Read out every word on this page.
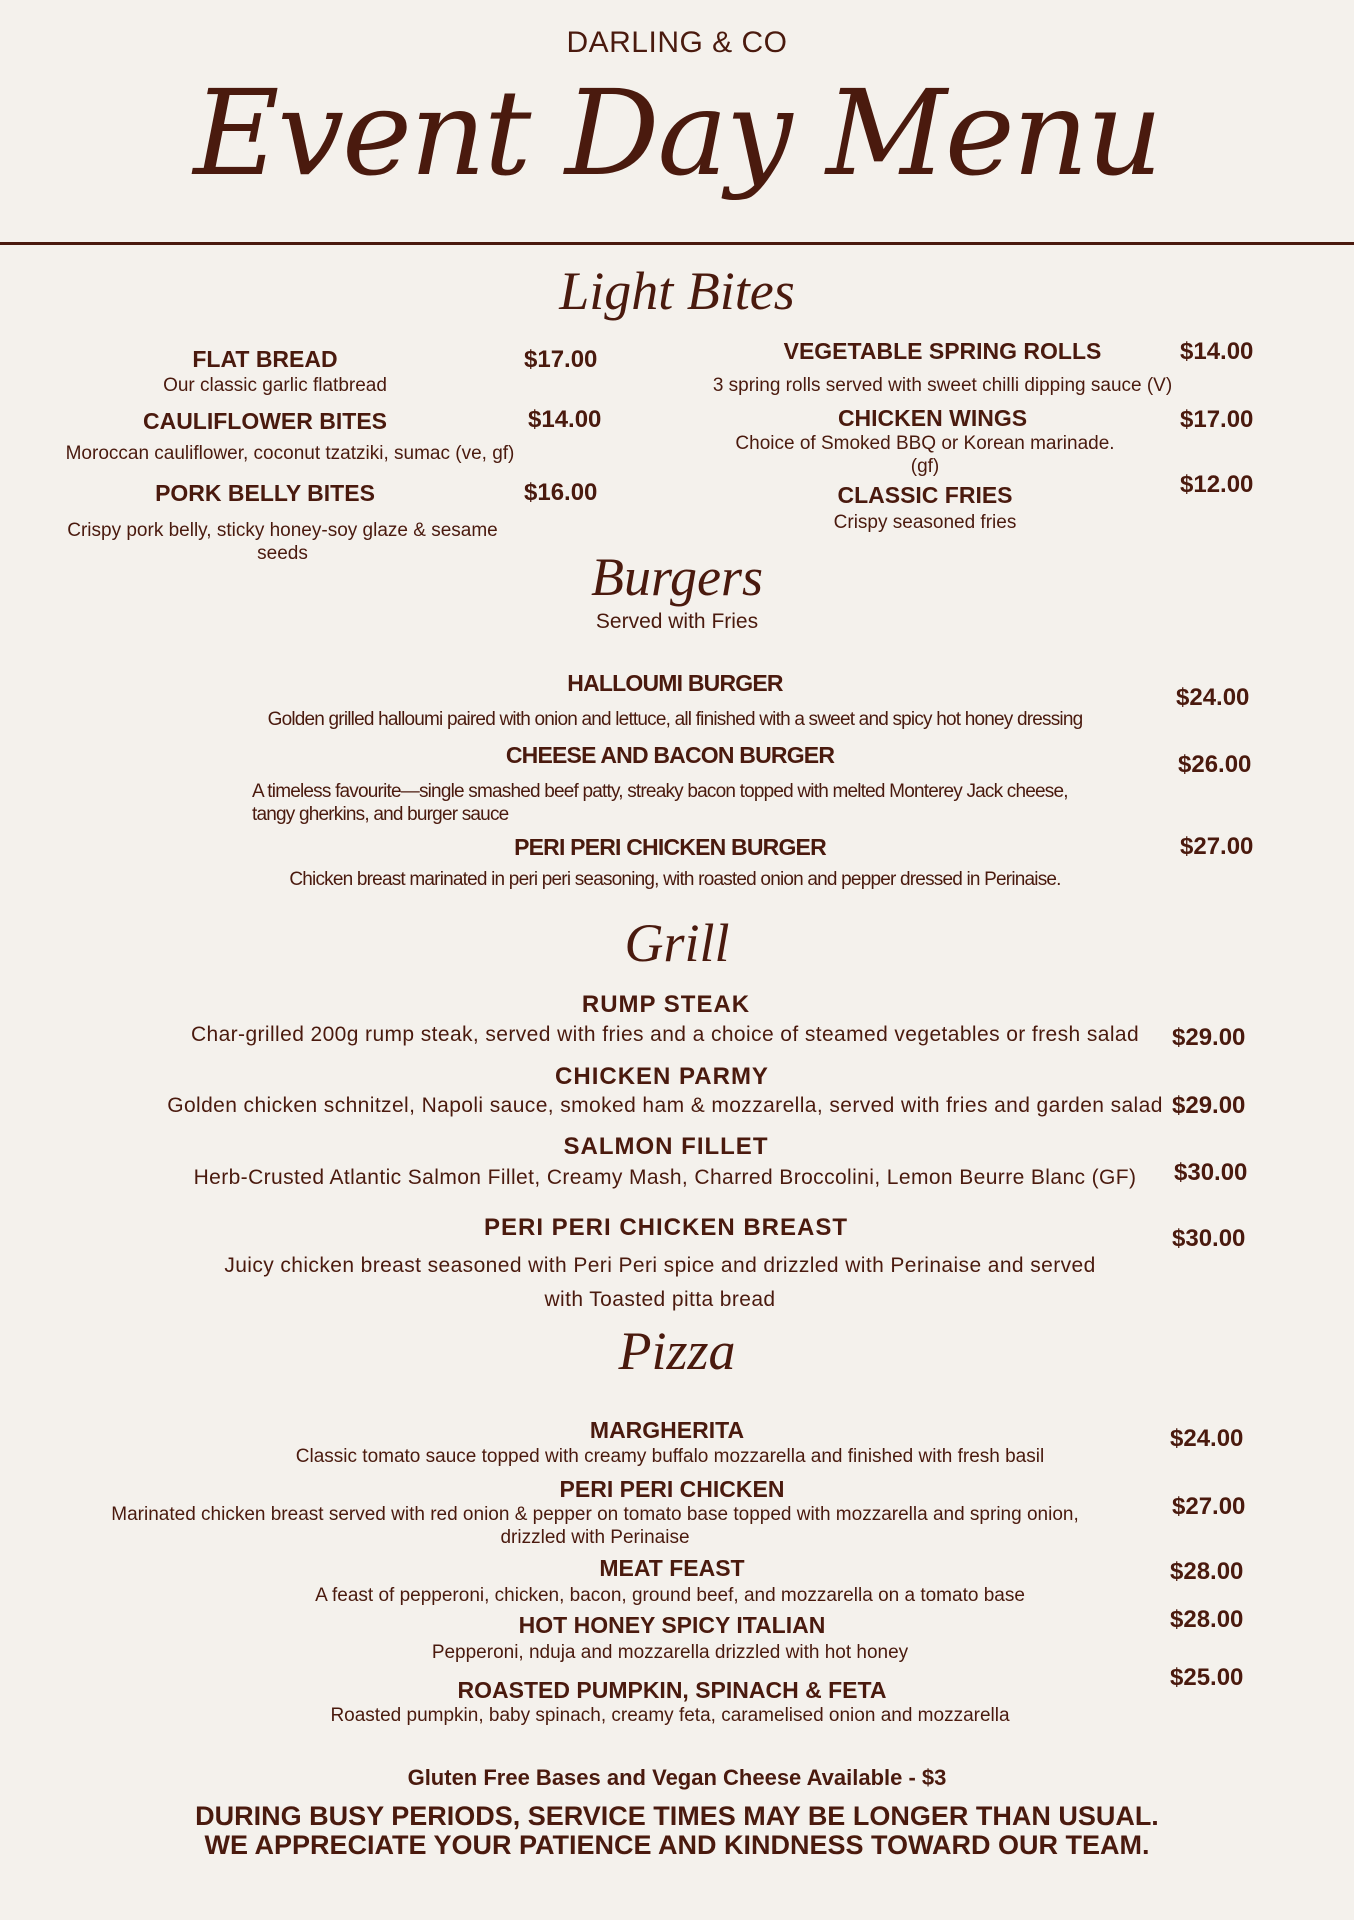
DARLING & CO
Event Day Menu
Light Bites
FLAT BREAD	$17.00
Our classic garlic flatbread
CAULIFLOWER BITES	$14.00
Moroccan cauliflower, coconut tzatziki, sumac (ve, gf)
PORK BELLY BITES	$16.00
Crispy pork belly, sticky honey-soy glaze & sesame seeds
VEGETABLE SPRING ROLLS	$14.00
3 spring rolls served with sweet chilli dipping sauce (V)
CHICKEN WINGS	$17.00
Choice of Smoked BBQ or Korean marinade. (gf)
CLASSIC FRIES	$12.00
Crispy seasoned fries
Burgers
Served with Fries
HALLOUMI BURGER
$24.00
Golden grilled halloumi paired with onion and lettuce, all finished with a sweet and spicy hot honey dressing
CHEESE AND BACON BURGER	$26.00
A timeless favourite—single smashed beef patty, streaky bacon topped with melted Monterey Jack cheese, tangy gherkins, and burger sauce
PERI PERI CHICKEN BURGER	$27.00
Chicken breast marinated in peri peri seasoning, with roasted onion and pepper dressed in Perinaise.
Grill
RUMP STEAK
$29.00
Char-grilled 200g rump steak, served with fries and a choice of steamed vegetables or fresh salad
CHICKEN PARMY
$29.00
Golden chicken schnitzel, Napoli sauce, smoked ham & mozzarella, served with fries and garden salad
SALMON FILLET
$30.00
Herb-Crusted Atlantic Salmon Fillet, Creamy Mash, Charred Broccolini, Lemon Beurre Blanc (GF)
PERI PERI CHICKEN BREAST	$30.00
Juicy chicken breast seasoned with Peri Peri spice and drizzled with Perinaise and served with Toasted pitta bread
Pizza
MARGHERITA	$24.00
Classic tomato sauce topped with creamy buffalo mozzarella and finished with fresh basil
PERI PERI CHICKEN
$27.00
Marinated chicken breast served with red onion & pepper on tomato base topped with mozzarella and spring onion, drizzled with Perinaise
MEAT FEAST	$28.00
A feast of pepperoni, chicken, bacon, ground beef, and mozzarella on a tomato base
HOT HONEY SPICY ITALIAN	$28.00
Pepperoni, nduja and mozzarella drizzled with hot honey
ROASTED PUMPKIN, SPINACH & FETA	$25.00
Roasted pumpkin, baby spinach, creamy feta, caramelised onion and mozzarella
Gluten Free Bases and Vegan Cheese Available - $3
DURING BUSY PERIODS, SERVICE TIMES MAY BE LONGER THAN USUAL.
WE APPRECIATE YOUR PATIENCE AND KINDNESS TOWARD OUR TEAM.
